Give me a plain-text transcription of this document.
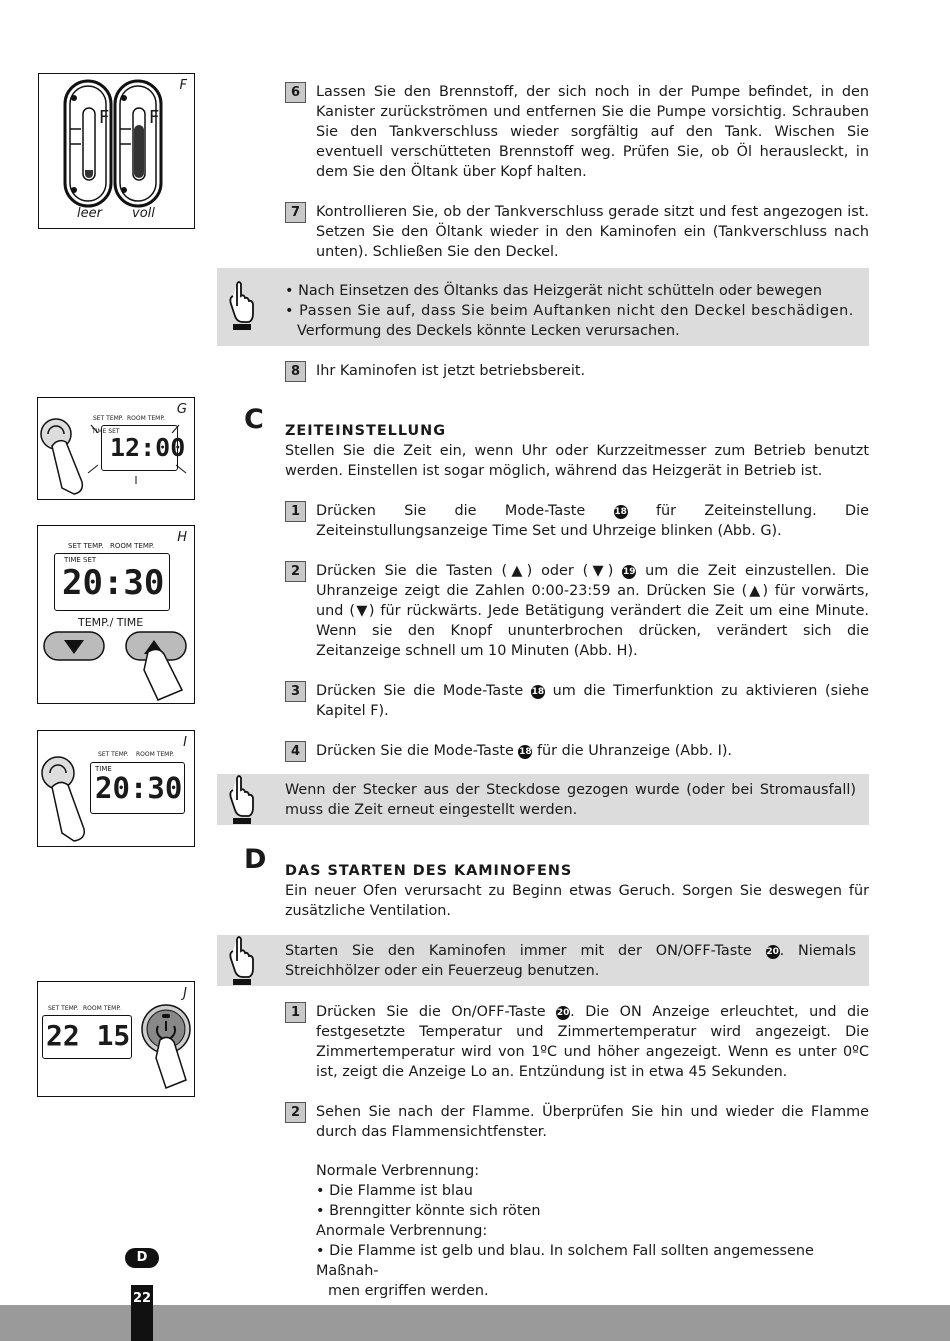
F
F F
leer voll
G
SET TEMP. ROOM TEMP.
TIME SET
12:00
H
SET TEMP. ROOM TEMP.
TIME SET
20:30
TEMP./ TIME
I
SET TEMP. ROOM TEMP.
TIME
20:30
J
SET TEMP. ROOM TEMP.
22 15
6	Lassen Sie den Brennstoff, der sich noch in der Pumpe befindet, in den Kanister zurückströmen und entfernen Sie die Pumpe vorsichtig. Schrauben Sie den Tankverschluss wieder sorgfältig auf den Tank. Wischen Sie eventuell verschütteten Brennstoff weg. Prüfen Sie, ob Öl herausleckt, in dem Sie den Öltank über Kopf halten.
7	Kontrollieren Sie, ob der Tankverschluss gerade sitzt und fest angezogen ist. Setzen Sie den Öltank wieder in den Kaminofen ein (Tankverschluss nach unten). Schließen Sie den Deckel.
• Nach Einsetzen des Öltanks das Heizgerät nicht schütteln oder bewegen
• Passen Sie auf, dass Sie beim Auftanken nicht den Deckel beschädigen.
Verformung des Deckels könnte Lecken verursachen.
8	Ihr Kaminofen ist jetzt betriebsbereit.
C ZEITEINSTELLUNG
Stellen Sie die Zeit ein, wenn Uhr oder Kurzzeitmesser zum Betrieb benutzt werden. Einstellen ist sogar möglich, während das Heizgerät in Betrieb ist.
1	Drücken Sie die Mode-Taste 18 für Zeiteinstellung. Die Zeiteinstullungsanzeige Time Set und Uhrzeige blinken (Abb. G).
2	Drücken Sie die Tasten (▲) oder (▼) 19 um die Zeit einzustellen. Die Uhranzeige zeigt die Zahlen 0:00-23:59 an. Drücken Sie (▲) für vorwärts, und (▼) für rückwärts. Jede Betätigung verändert die Zeit um eine Minute. Wenn sie den Knopf ununterbrochen drücken, verändert sich die Zeitanzeige schnell um 10 Minuten (Abb. H).
3	Drücken Sie die Mode-Taste 18 um die Timerfunktion zu aktivieren (siehe Kapitel F).
4	Drücken Sie die Mode-Taste 18 für die Uhranzeige (Abb. I).
Wenn der Stecker aus der Steckdose gezogen wurde (oder bei Stromausfall) muss die Zeit erneut eingestellt werden.
D DAS STARTEN DES KAMINOFENS
Ein neuer Ofen verursacht zu Beginn etwas Geruch. Sorgen Sie deswegen für zusätzliche Ventilation.
Starten Sie den Kaminofen immer mit der ON/OFF-Taste 20. Niemals Streichhölzer oder ein Feuerzeug benutzen.
1	Drücken Sie die On/OFF-Taste 20. Die ON Anzeige erleuchtet, und die festgesetzte Temperatur und Zimmertemperatur wird angezeigt. Die Zimmertemperatur wird von 1ºC und höher angezeigt. Wenn es unter 0ºC ist, zeigt die Anzeige Lo an. Entzündung ist in etwa 45 Sekunden.
2	Sehen Sie nach der Flamme. Überprüfen Sie hin und wieder die Flamme durch das Flammensichtfenster.
Normale Verbrennung:
• Die Flamme ist blau
• Brenngitter könnte sich röten
Anormale Verbrennung:
• Die Flamme ist gelb und blau. In solchem Fall sollten angemessene Maßnah-
men ergriffen werden.
D
22
